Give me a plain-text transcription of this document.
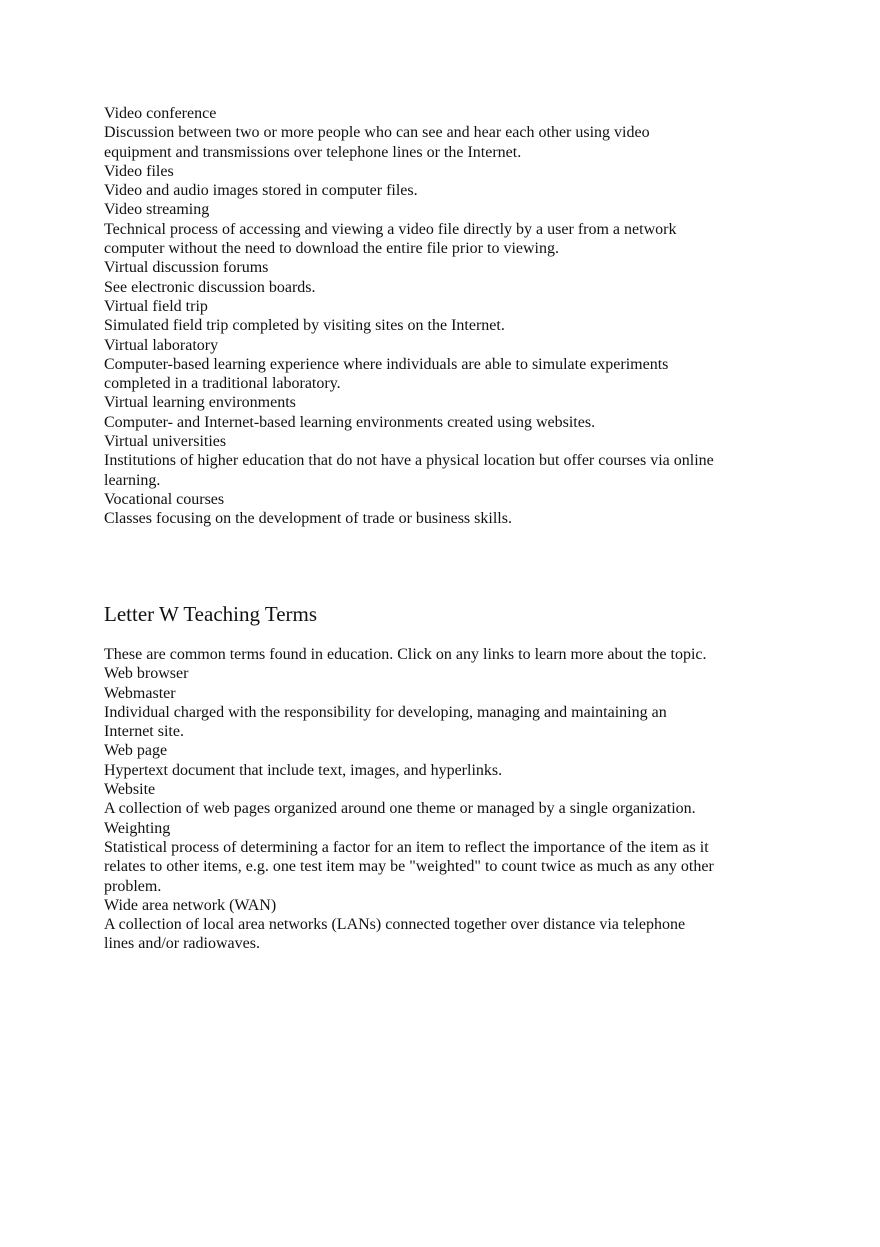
Video conference

Discussion between two or more people who can see and hear each other using video equipment and transmissions over telephone lines or the Internet.

Video files

Video and audio images stored in computer files.

Video streaming

Technical process of accessing and viewing a video file directly by a user from a network computer without the need to download the entire file prior to viewing.

Virtual discussion forums

See electronic discussion boards.

Virtual field trip

Simulated field trip completed by visiting sites on the Internet.

Virtual laboratory

Computer-based learning experience where individuals are able to simulate experiments completed in a traditional laboratory.

Virtual learning environments

Computer- and Internet-based learning environments created using websites.

Virtual universities

Institutions of higher education that do not have a physical location but offer courses via online learning.

Vocational courses

Classes focusing on the development of trade or business skills.

Letter W Teaching Terms

These are common terms found in education. Click on any links to learn more about the topic.

Web browser

Webmaster

Individual charged with the responsibility for developing, managing and maintaining an Internet site.

Web page

Hypertext document that include text, images, and hyperlinks.

Website

A collection of web pages organized around one theme or managed by a single organization.

Weighting

Statistical process of determining a factor for an item to reflect the importance of the item as it relates to other items, e.g. one test item may be "weighted" to count twice as much as any other problem.

Wide area network (WAN)

A collection of local area networks (LANs) connected together over distance via telephone lines and/or radiowaves.
